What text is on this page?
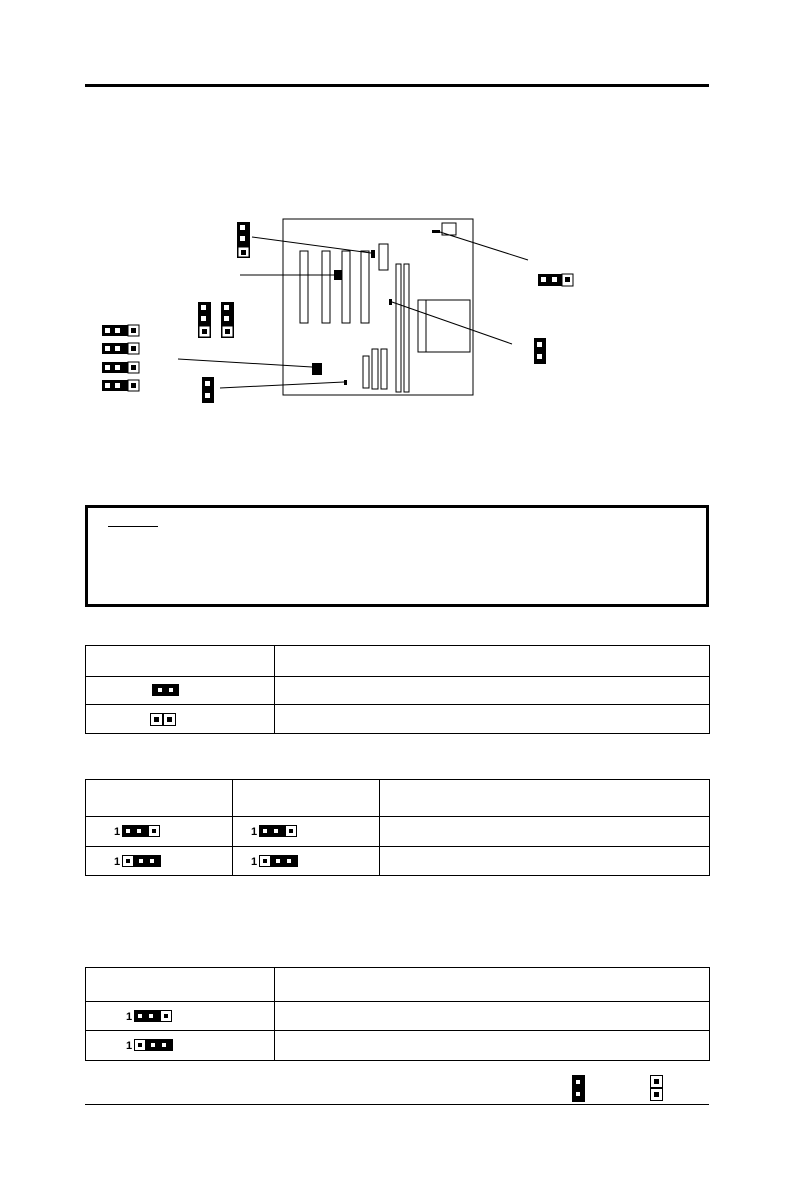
1	1	

1	1	

1	

1	
